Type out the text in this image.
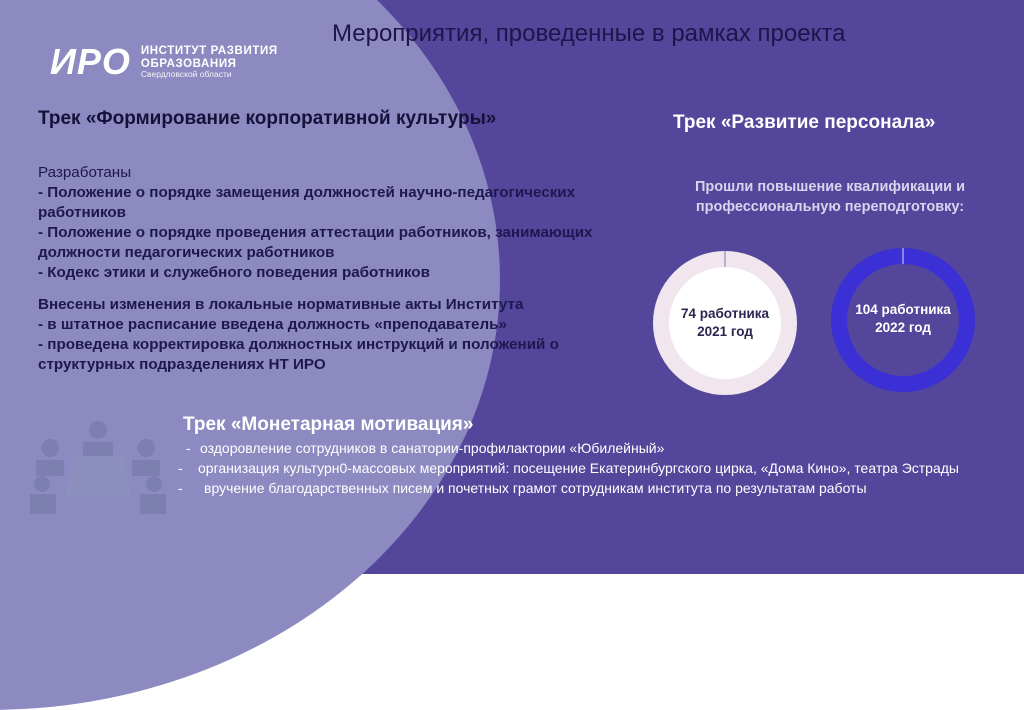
Мероприятия, проведенные в рамках проекта
ИРО ИНСТИТУТ РАЗВИТИЯ
ОБРАЗОВАНИЯ
Свердловской области
Трек «Формирование корпоративной культуры»
Разработаны
- Положение о порядке замещения должностей научно-педагогических работников
- Положение о порядке проведения аттестации работников, занимающих должности педагогических работников
- Кодекс этики и служебного поведения работников
Внесены изменения в локальные нормативные акты Института
- в штатное расписание введена должность «преподаватель»
- проведена корректировка должностных инструкций и положений о структурных подразделениях НТ ИРО
Трек «Развитие персонала»
Прошли повышение квалификации и профессиональную переподготовку:
74 работника
2021 год
104 работника
2022 год
Трек «Монетарная мотивация»
- оздоровление сотрудников в санатории-профилактории «Юбилейный»
- организация культурн0-массовых мероприятий: посещение Екатеринбургского цирка, «Дома Кино», театра Эстрады
- вручение благодарственных писем и почетных грамот сотрудникам института по результатам работы
